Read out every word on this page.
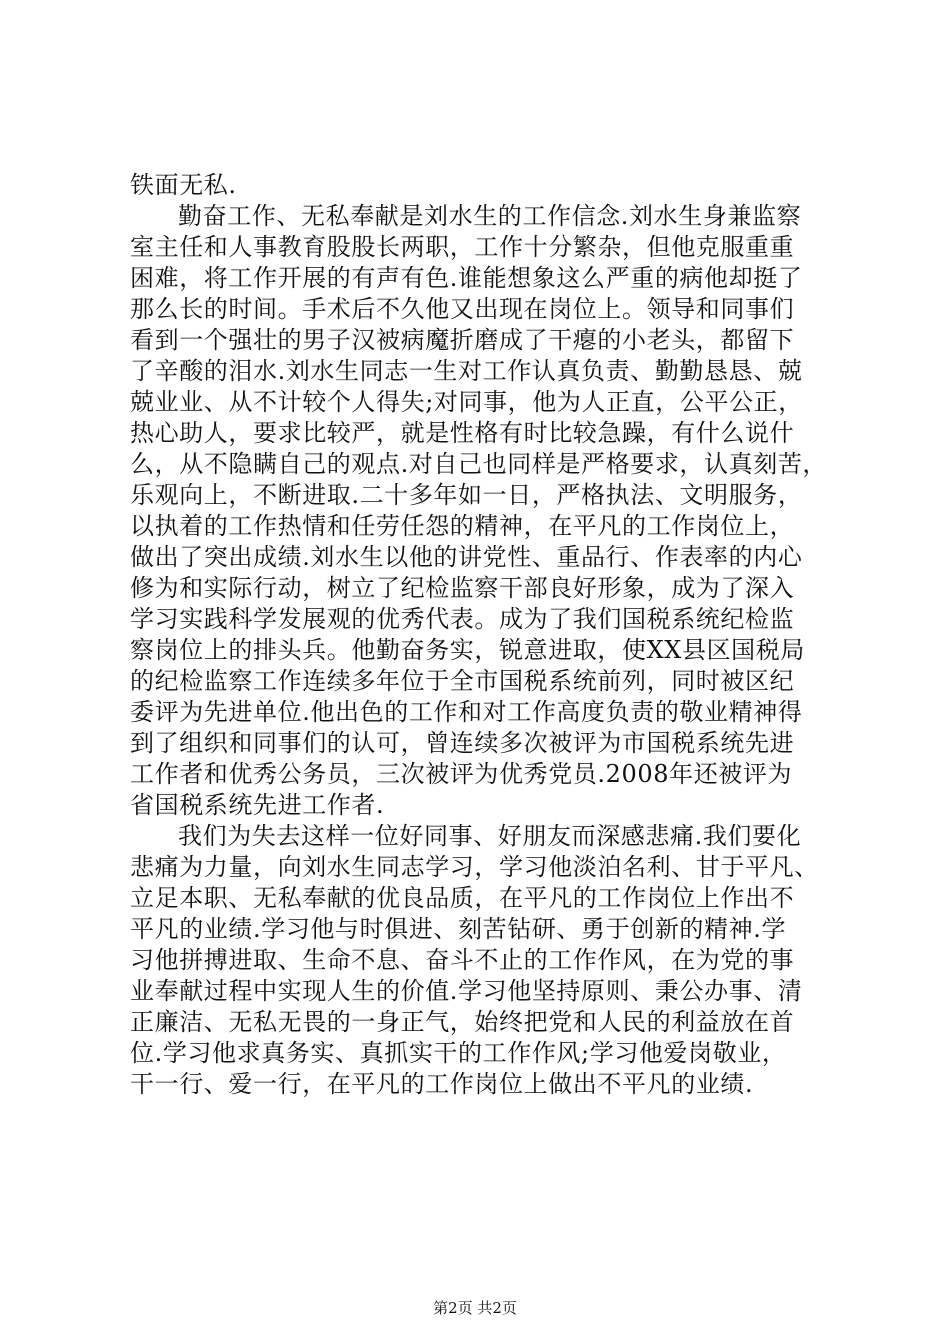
铁面无私.
勤奋工作、无私奉献是刘水生的工作信念.刘水生身兼监察
室主任和人事教育股股长两职，工作十分繁杂，但他克服重重
困难，将工作开展的有声有色.谁能想象这么严重的病他却挺了
那么长的时间。手术后不久他又出现在岗位上。领导和同事们
看到一个强壮的男子汉被病魔折磨成了干瘪的小老头，都留下
了辛酸的泪水.刘水生同志一生对工作认真负责、勤勤恳恳、兢
兢业业、从不计较个人得失;对同事，他为人正直，公平公正，
热心助人，要求比较严，就是性格有时比较急躁，有什么说什
么，从不隐瞒自己的观点.对自己也同样是严格要求，认真刻苦，
乐观向上，不断进取.二十多年如一日，严格执法、文明服务，
以执着的工作热情和任劳任怨的精神，在平凡的工作岗位上，
做出了突出成绩.刘水生以他的讲党性、重品行、作表率的内心
修为和实际行动，树立了纪检监察干部良好形象，成为了深入
学习实践科学发展观的优秀代表。成为了我们国税系统纪检监
察岗位上的排头兵。他勤奋务实，锐意进取，使XX县区国税局
的纪检监察工作连续多年位于全市国税系统前列，同时被区纪
委评为先进单位.他出色的工作和对工作高度负责的敬业精神得
到了组织和同事们的认可，曾连续多次被评为市国税系统先进
工作者和优秀公务员，三次被评为优秀党员.2008年还被评为
省国税系统先进工作者.
我们为失去这样一位好同事、好朋友而深感悲痛.我们要化
悲痛为力量，向刘水生同志学习，学习他淡泊名利、甘于平凡、
立足本职、无私奉献的优良品质，在平凡的工作岗位上作出不
平凡的业绩.学习他与时俱进、刻苦钻研、勇于创新的精神.学
习他拼搏进取、生命不息、奋斗不止的工作作风，在为党的事
业奉献过程中实现人生的价值.学习他坚持原则、秉公办事、清
正廉洁、无私无畏的一身正气，始终把党和人民的利益放在首
位.学习他求真务实、真抓实干的工作作风;学习他爱岗敬业，
干一行、爱一行，在平凡的工作岗位上做出不平凡的业绩.
第2页 共2页
